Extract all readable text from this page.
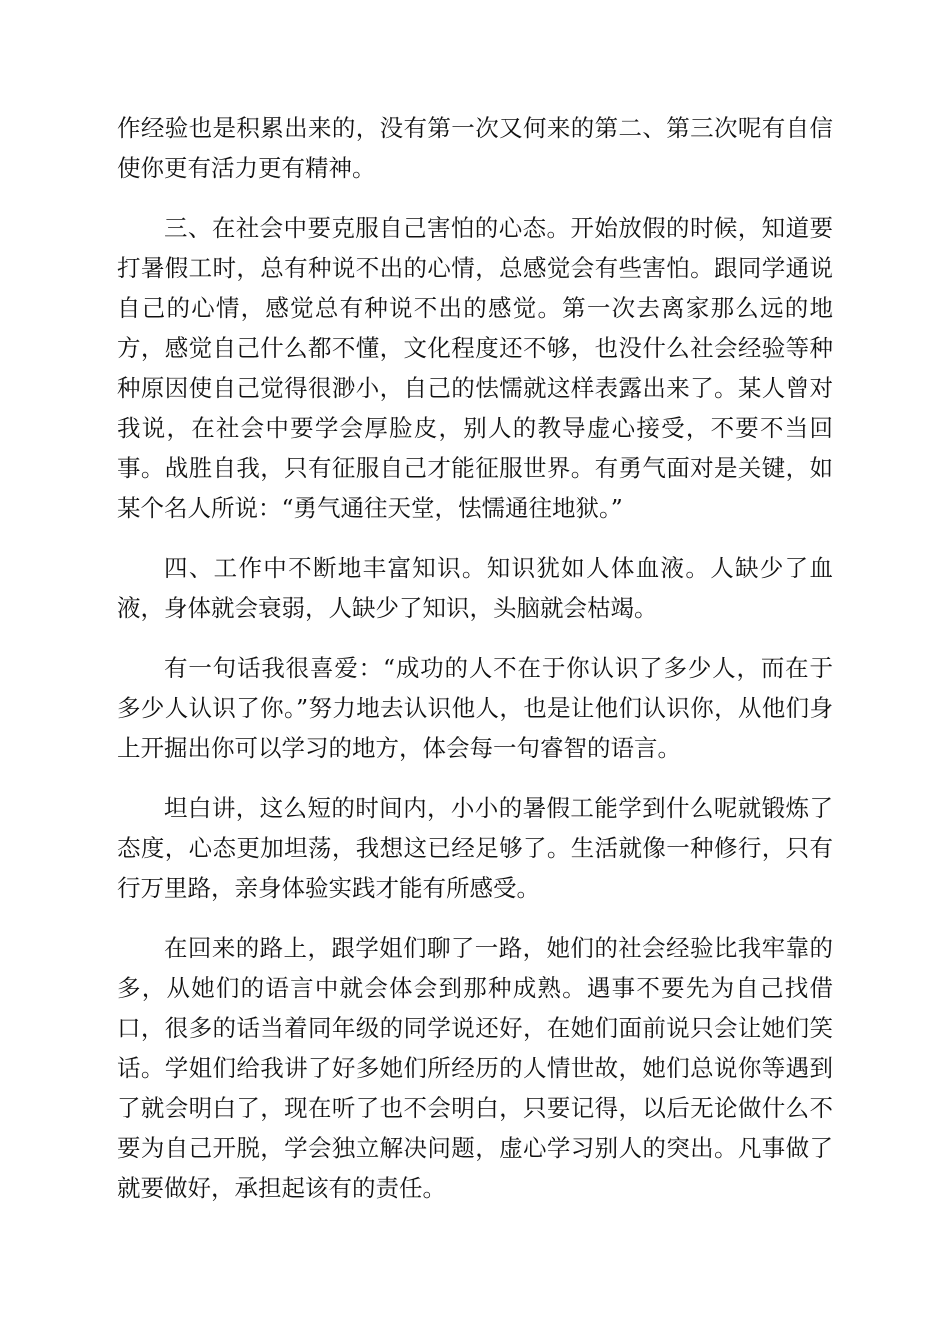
作经验也是积累出来的，没有第一次又何来的第二、第三次呢有自信使你更有活力更有精神。

三、在社会中要克服自己害怕的心态。开始放假的时候，知道要打暑假工时，总有种说不出的心情，总感觉会有些害怕。跟同学通说自己的心情，感觉总有种说不出的感觉。第一次去离家那么远的地方，感觉自己什么都不懂，文化程度还不够，也没什么社会经验等种种原因使自己觉得很渺小，自己的怯懦就这样表露出来了。某人曾对我说，在社会中要学会厚脸皮，别人的教导虚心接受，不要不当回事。战胜自我，只有征服自己才能征服世界。有勇气面对是关键，如某个名人所说：“勇气通往天堂，怯懦通往地狱。”

四、工作中不断地丰富知识。知识犹如人体血液。人缺少了血液，身体就会衰弱，人缺少了知识，头脑就会枯竭。

有一句话我很喜爱：“成功的人不在于你认识了多少人，而在于多少人认识了你。”努力地去认识他人，也是让他们认识你，从他们身上开掘出你可以学习的地方，体会每一句睿智的语言。

坦白讲，这么短的时间内，小小的暑假工能学到什么呢就锻炼了态度，心态更加坦荡，我想这已经足够了。生活就像一种修行，只有行万里路，亲身体验实践才能有所感受。

在回来的路上，跟学姐们聊了一路，她们的社会经验比我牢靠的多，从她们的语言中就会体会到那种成熟。遇事不要先为自己找借口，很多的话当着同年级的同学说还好，在她们面前说只会让她们笑话。学姐们给我讲了好多她们所经历的人情世故，她们总说你等遇到了就会明白了，现在听了也不会明白，只要记得，以后无论做什么不要为自己开脱，学会独立解决问题，虚心学习别人的突出。凡事做了就要做好，承担起该有的责任。
